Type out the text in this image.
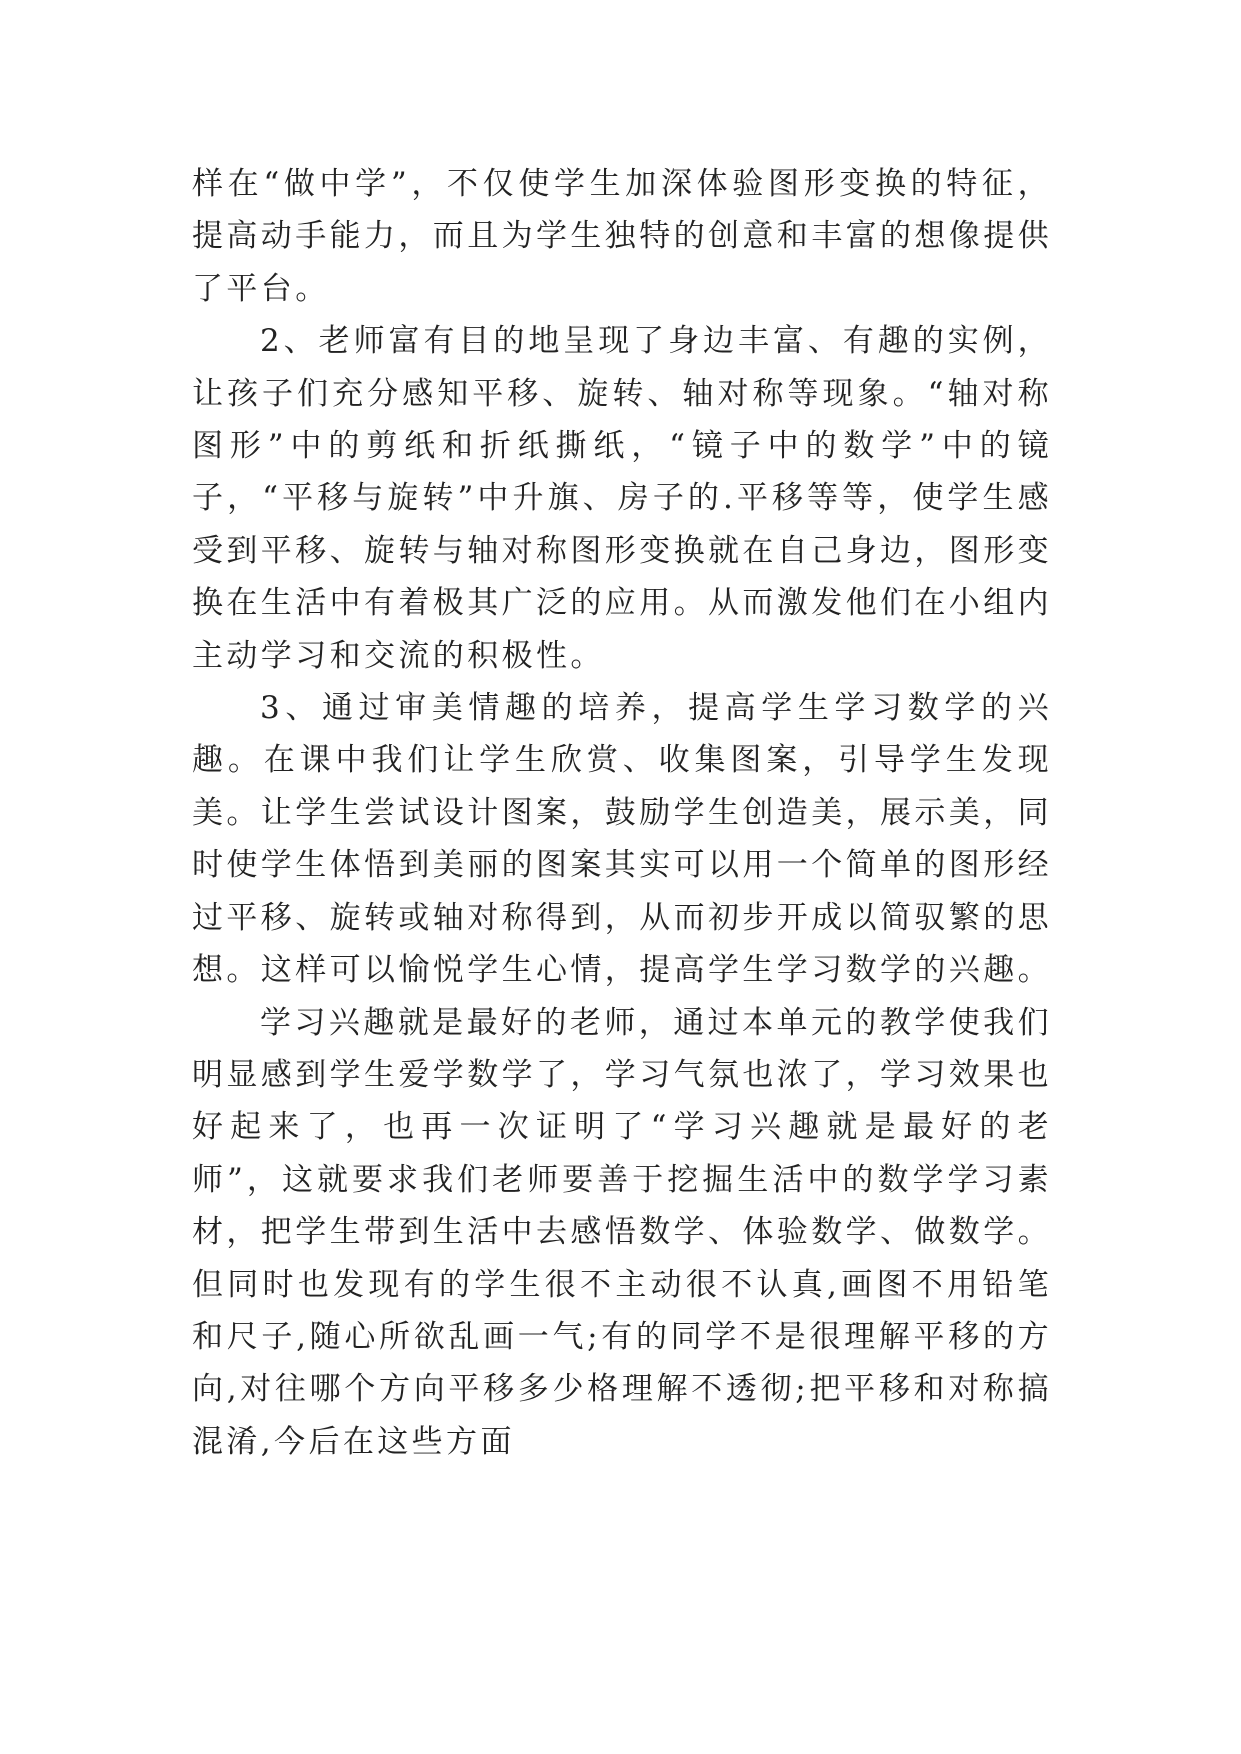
样在“做中学”，不仅使学生加深体验图形变换的特征，提高动手能力，而且为学生独特的创意和丰富的想像提供了平台。

2、老师富有目的地呈现了身边丰富、有趣的实例，让孩子们充分感知平移、旋转、轴对称等现象。“轴对称图形”中的剪纸和折纸撕纸，“镜子中的数学”中的镜子，“平移与旋转”中升旗、房子的.平移等等，使学生感受到平移、旋转与轴对称图形变换就在自己身边，图形变换在生活中有着极其广泛的应用。从而激发他们在小组内主动学习和交流的积极性。

3、通过审美情趣的培养，提高学生学习数学的兴趣。在课中我们让学生欣赏、收集图案，引导学生发现美。让学生尝试设计图案，鼓励学生创造美，展示美，同时使学生体悟到美丽的图案其实可以用一个简单的图形经过平移、旋转或轴对称得到，从而初步开成以简驭繁的思想。这样可以愉悦学生心情，提高学生学习数学的兴趣。

学习兴趣就是最好的老师，通过本单元的教学使我们明显感到学生爱学数学了，学习气氛也浓了，学习效果也好起来了，也再一次证明了“学习兴趣就是最好的老师”，这就要求我们老师要善于挖掘生活中的数学学习素材，把学生带到生活中去感悟数学、体验数学、做数学。但同时也发现有的学生很不主动很不认真,画图不用铅笔和尺子,随心所欲乱画一气;有的同学不是很理解平移的方向,对往哪个方向平移多少格理解不透彻;把平移和对称搞混淆,今后在这些方面
